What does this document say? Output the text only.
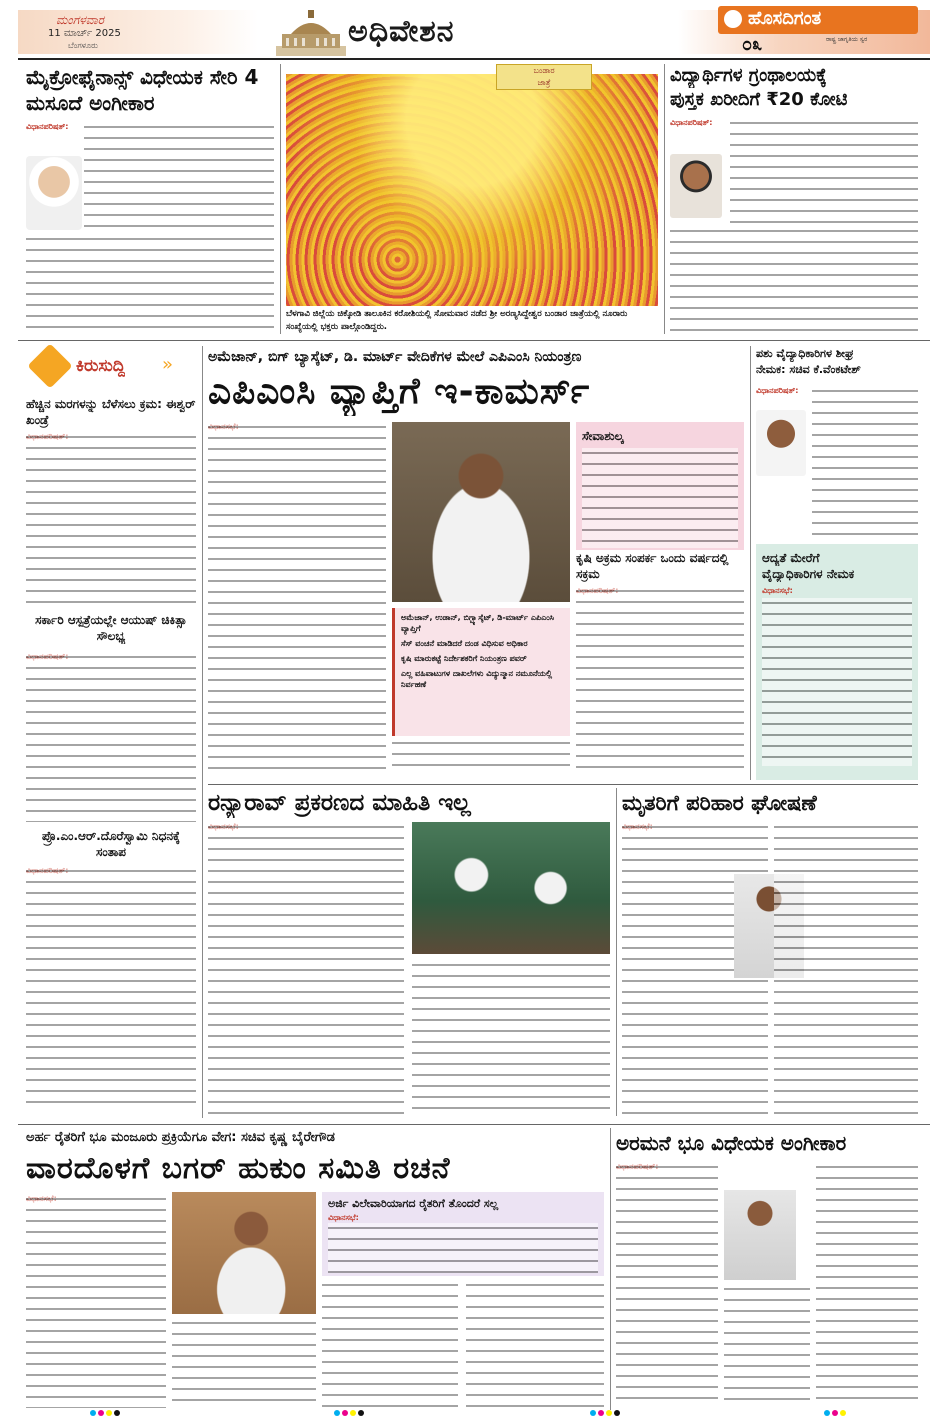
ಮಂಗಳವಾರ
11 ಮಾರ್ಚ್ 2025
ಬೆಂಗಳೂರು	ಅಧಿವೇಶನ	ಹೊಸದಿಗಂತ
೦೩	ರಾಷ್ಟ್ರ ಜಾಗೃತಿಯ ಸ್ವರ
ಮೈಕ್ರೋಫೈನಾನ್ಸ್ ವಿಧೇಯಕ ಸೇರಿ 4 ಮಸೂದೆ ಅಂಗೀಕಾರ
ವಿಧಾನಪರಿಷತ್:
ಬಂಡಾರ
ಜಾತ್ರೆ
ಬೆಳಗಾವಿ ಜಿಲ್ಲೆಯ ಚಿಕ್ಕೋಡಿ ತಾಲೂಕಿನ ಕರೋಶಿಯಲ್ಲಿ ಸೋಮವಾರ ನಡೆದ ಶ್ರೀ ಅರಣ್ಯಸಿದ್ದೇಶ್ವರ ಬಂಡಾರ ಜಾತ್ರೆಯಲ್ಲಿ ನೂರಾರು ಸಂಖ್ಯೆಯಲ್ಲಿ ಭಕ್ತರು ಪಾಲ್ಗೊಂಡಿದ್ದರು.
ವಿದ್ಯಾರ್ಥಿಗಳ ಗ್ರಂಥಾಲಯಕ್ಕೆ
ಪುಸ್ತಕ ಖರೀದಿಗೆ ₹20 ಕೋಟಿ
ವಿಧಾನಪರಿಷತ್:
ಕಿರುಸುದ್ದಿ »
ಹೆಚ್ಚಿನ ಮರಗಳನ್ನು ಬೆಳೆಸಲು ಕ್ರಮ: ಈಶ್ವರ್ ಖಂಡ್ರೆ
ಸರ್ಕಾರಿ ಆಸ್ಪತ್ರೆಯಲ್ಲೇ ಆಯುಷ್ ಚಿಕಿತ್ಸಾ ಸೌಲಭ್ಯ
ಪ್ರೊ.ಎಂ.ಆರ್.ದೊರೆಸ್ವಾಮಿ ನಿಧನಕ್ಕೆ ಸಂತಾಪ
ಅಮೆಜಾನ್, ಬಿಗ್ ಬ್ಯಾಸ್ಕೆಟ್, ಡಿ. ಮಾರ್ಟ್ ವೇದಿಕೆಗಳ ಮೇಲೆ ಎಪಿಎಂಸಿ ನಿಯಂತ್ರಣ
ಎಪಿಎಂಸಿ ವ್ಯಾಪ್ತಿಗೆ ಇ-ಕಾಮರ್ಸ್
ಅಮೆಜಾನ್, ಉಡಾನ್, ಬಿಗ್ಬ್ಯಾಸ್ಕೆಟ್, ಡಿ-ಮಾರ್ಟ್ ಎಪಿಎಂಸಿ ವ್ಯಾಪ್ತಿಗೆ
ಸೆಸ್ ವಂಚನೆ ಮಾಡಿದರೆ ದಂಡ ವಿಧಿಸುವ ಅಧಿಕಾರ
ಕೃಷಿ ಮಾರುಕಟ್ಟೆ ನಿರ್ದೇಶಕರಿಗೆ ನಿಯಂತ್ರಣ ಪವರ್
ಎಲ್ಲ ವಹಿವಾಟುಗಳ ದಾಖಲೆಗಳು ವಿದ್ಯುನ್ಮಾನ ನಮೂನೆಯಲ್ಲಿ ನಿರ್ವಹಣೆ
ಸೇವಾಶುಲ್ಕ
ಕೃಷಿ ಅಕ್ರಮ ಸಂಪರ್ಕ ಒಂದು ವರ್ಷದಲ್ಲಿ ಸಕ್ರಮ
ಪಶು ವೈದ್ಯಾಧಿಕಾರಿಗಳ ಶೀಘ್ರ
ನೇಮಕ: ಸಚಿವ ಕೆ.ವೆಂಕಟೇಶ್
ವಿಧಾನಪರಿಷತ್:
ಆದ್ಯತೆ ಮೇರೆಗೆ
ವೈದ್ಯಾಧಿಕಾರಿಗಳ ನೇಮಕ
ವಿಧಾನಸಭೆ:
ರನ್ಯಾರಾವ್ ಪ್ರಕರಣದ ಮಾಹಿತಿ ಇಲ್ಲ	ಮೃತರಿಗೆ ಪರಿಹಾರ ಘೋಷಣೆ
ಅರ್ಹ ರೈತರಿಗೆ ಭೂ ಮಂಜೂರು ಪ್ರಕ್ರಿಯೆಗೂ ವೇಗ: ಸಚಿವ ಕೃಷ್ಣ ಬೈರೇಗೌಡ
ವಾರದೊಳಗೆ ಬಗರ್ ಹುಕುಂ ಸಮಿತಿ ರಚನೆ
ಅರ್ಜಿ ವಿಲೇವಾರಿಯಾಗದ ರೈತರಿಗೆ ತೊಂದರೆ ಸಲ್ಲ
ವಿಧಾನಸಭೆ:
ಅರಮನೆ ಭೂ ವಿಧೇಯಕ ಅಂಗೀಕಾರ
